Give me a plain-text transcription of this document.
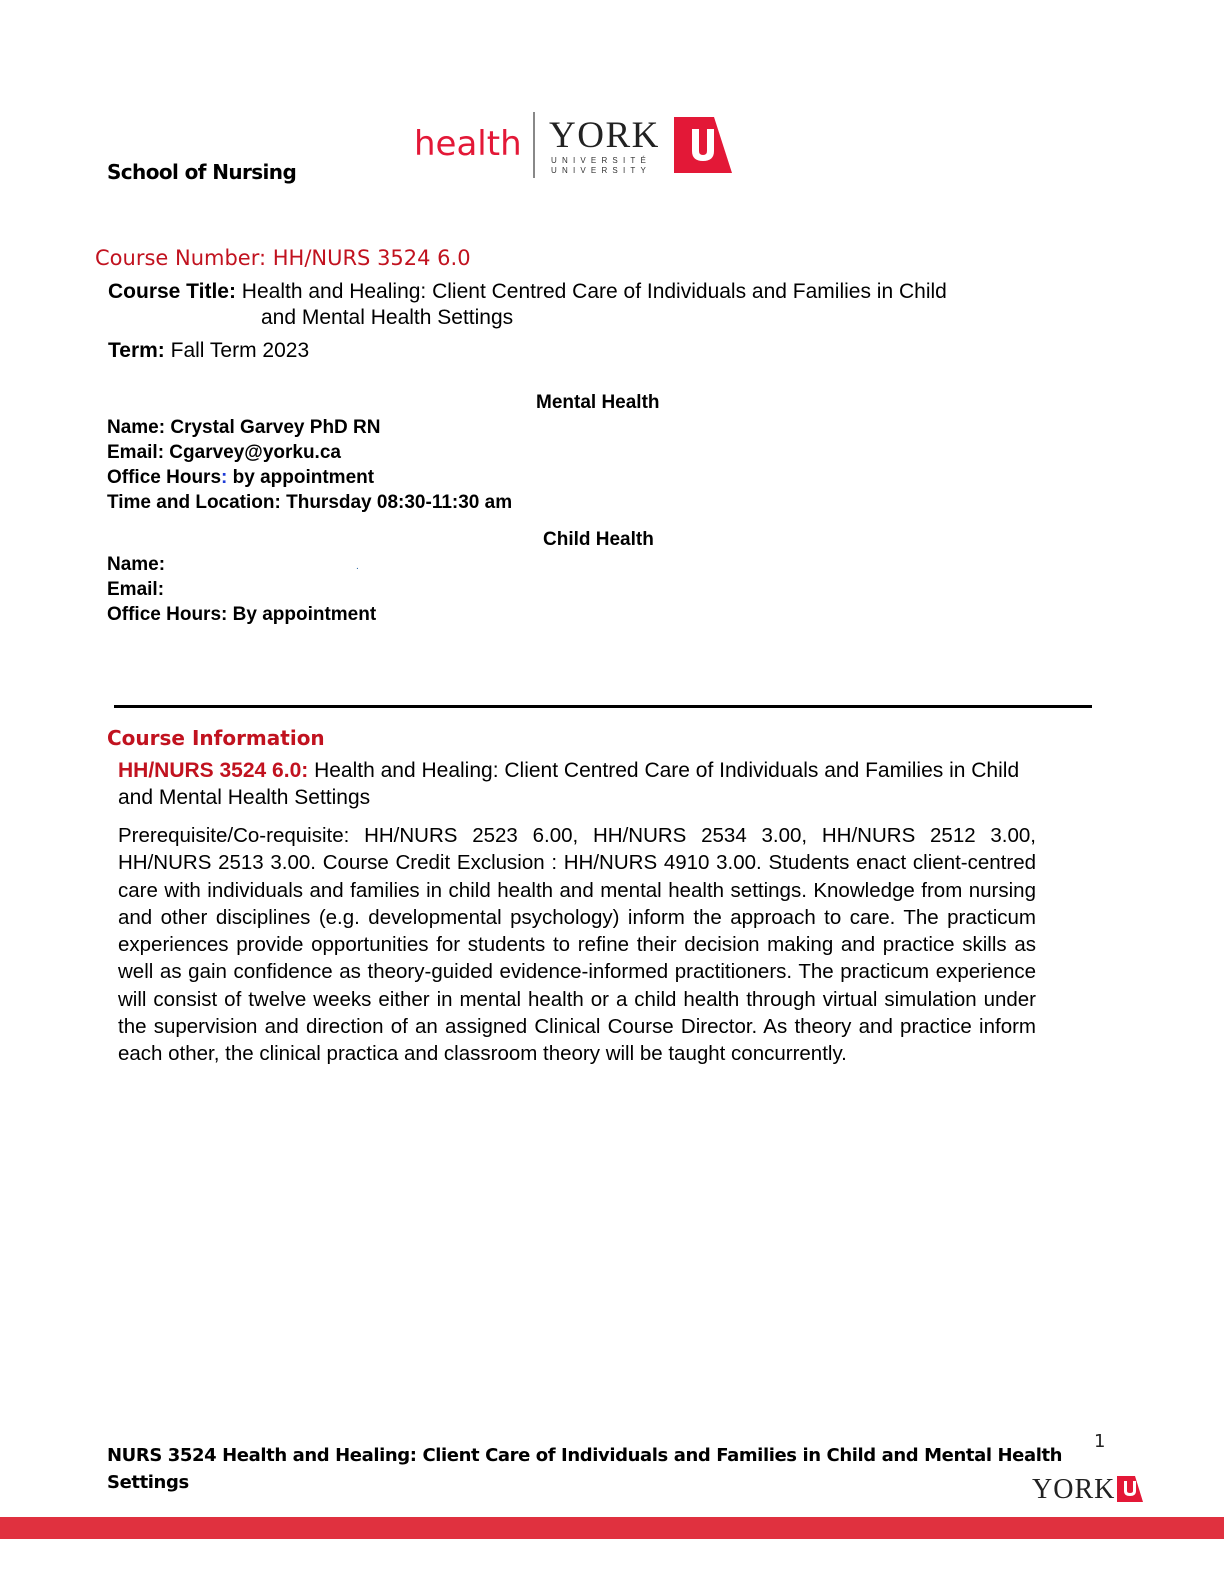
School of Nursing
health YORK
UNIVERSITÉ
UNIVERSITY
Course Number: HH/NURS 3524 6.0
Course Title: Health and Healing: Client Centred Care of Individuals and Families in Child
and Mental Health Settings
Term: Fall Term 2023
Mental Health
Name: Crystal Garvey PhD RN
Email: Cgarvey@yorku.ca
Office Hours: by appointment
Time and Location: Thursday 08:30-11:30 am
Child Health
Name:	.
Email:
Office Hours: By appointment
Course Information
HH/NURS 3524 6.0: Health and Healing: Client Centred Care of Individuals and Families in Child and Mental Health Settings
Prerequisite/Co-requisite: HH/NURS 2523 6.00, HH/NURS 2534 3.00, HH/NURS 2512 3.00, HH/NURS 2513 3.00. Course Credit Exclusion : HH/NURS 4910 3.00. Students enact client-centred care with individuals and families in child health and mental health settings. Knowledge from nursing and other disciplines (e.g. developmental psychology) inform the approach to care. The practicum experiences provide opportunities for students to refine their decision making and practice skills as well as gain confidence as theory-guided evidence-informed practitioners. The practicum experience will consist of twelve weeks either in mental health or a child health through virtual simulation under the supervision and direction of an assigned Clinical Course Director. As theory and practice inform each other, the clinical practica and classroom theory will be taught concurrently.
1
NURS 3524 Health and Healing: Client Care of Individuals and Families in Child and Mental Health Settings	YORK
